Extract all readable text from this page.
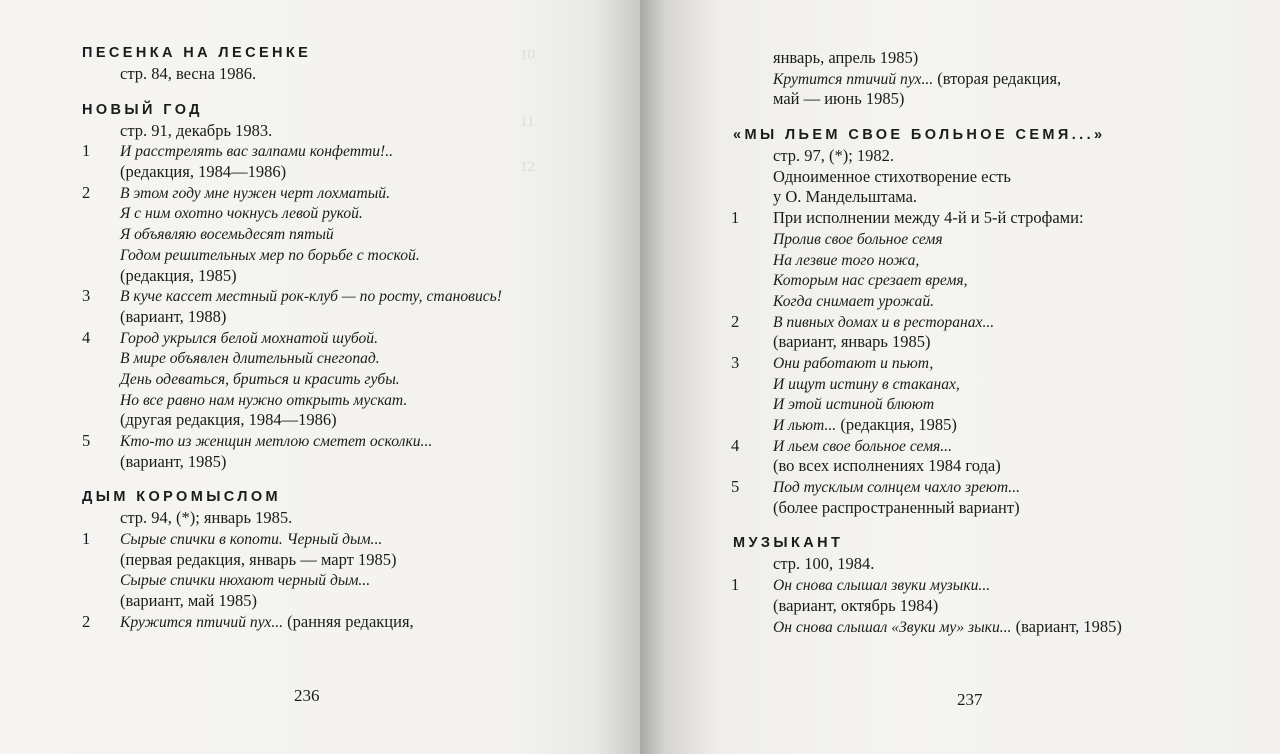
10

11

12
ПЕСЕНКА НА ЛЕСЕНКЕ
стр. 84, весна 1986.
НОВЫЙ ГОД
стр. 91, декабрь 1983.
1 И расстрелять вас залпами конфетти!..
(редакция, 1984—1986)
2 В этом году мне нужен черт лохматый.
Я с ним охотно чокнусь левой рукой.
Я объявляю восемьдесят пятый
Годом решительных мер по борьбе с тоской.
(редакция, 1985)
3 В куче кассет местный рок-клуб — по росту, становись!
(вариант, 1988)
4 Город укрылся белой мохнатой шубой.
В мире объявлен длительный снегопад.
День одеваться, бриться и красить губы.
Но все равно нам нужно открыть мускат.
(другая редакция, 1984—1986)
5 Кто-то из женщин метлою сметет осколки...
(вариант, 1985)
ДЫМ КОРОМЫСЛОМ
стр. 94, (*); январь 1985.
1 Сырые спички в копоти. Черный дым...
(первая редакция, январь — март 1985)
Сырые спички нюхают черный дым...
(вариант, май 1985)
2 Кружится птичий пух... (ранняя редакция,
236
январь, апрель 1985)
Крутится птичий пух... (вторая редакция,
май — июнь 1985)
«МЫ ЛЬЕМ СВОЕ БОЛЬНОЕ СЕМЯ...»
стр. 97, (*); 1982.
Одноименное стихотворение есть
у О. Мандельштама.
1 При исполнении между 4-й и 5-й строфами:
Пролив свое больное семя
На лезвие того ножа,
Которым нас срезает время,
Когда снимает урожай.
2 В пивных домах и в ресторанах...
(вариант, январь 1985)
3 Они работают и пьют,
И ищут истину в стаканах,
И этой истиной блюют
И льют... (редакция, 1985)
4 И льем свое больное семя...
(во всех исполнениях 1984 года)
5 Под тусклым солнцем чахло зреют...
(более распространенный вариант)
МУЗЫКАНТ
стр. 100, 1984.
1 Он снова слышал звуки музыки...
(вариант, октябрь 1984)
Он снова слышал «Звуки му» зыки... (вариант, 1985)
237
